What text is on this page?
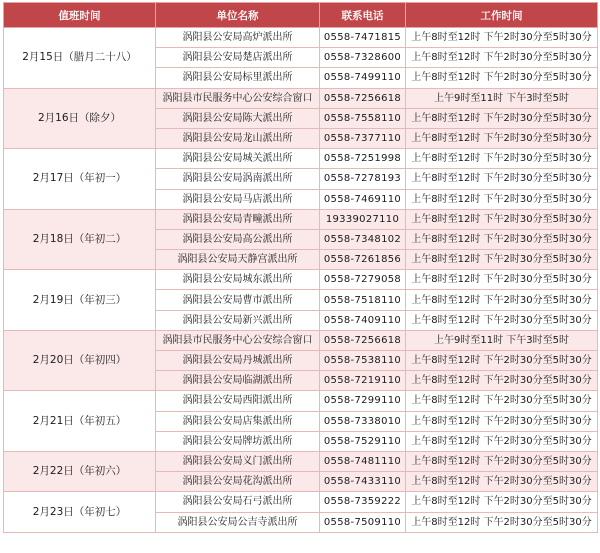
值班时间	单位名称	联系电话	工作时间
2月15日（腊月二十八）	涡阳县公安局高炉派出所	0558-7471815	上午8时至12时 下午2时30分至5时30分
	涡阳县公安局楚店派出所	0558-7328600	上午8时至12时 下午2时30分至5时30分
	涡阳县公安局标里派出所	0558-7499110	上午8时至12时 下午2时30分至5时30分
2月16日（除夕）	涡阳县市民服务中心公安综合窗口	0558-7256618	上午9时至11时 下午3时至5时
	涡阳县公安局陈大派出所	0558-7558110	上午8时至12时 下午2时30分至5时30分
	涡阳县公安局龙山派出所	0558-7377110	上午8时至12时 下午2时30分至5时30分
2月17日（年初一）	涡阳县公安局城关派出所	0558-7251998	上午8时至12时 下午2时30分至5时30分
	涡阳县公安局涡南派出所	0558-7278193	上午8时至12时 下午2时30分至5时30分
	涡阳县公安局马店派出所	0558-7469110	上午8时至12时 下午2时30分至5时30分
2月18日（年初二）	涡阳县公安局青疃派出所	19339027110	上午8时至12时 下午2时30分至5时30分
	涡阳县公安局高公派出所	0558-7348102	上午8时至12时 下午2时30分至5时30分
	涡阳县公安局天静宫派出所	0558-7261856	上午8时至12时 下午2时30分至5时30分
2月19日（年初三）	涡阳县公安局城东派出所	0558-7279058	上午8时至12时 下午2时30分至5时30分
	涡阳县公安局曹市派出所	0558-7518110	上午8时至12时 下午2时30分至5时30分
	涡阳县公安局新兴派出所	0558-7409110	上午8时至12时 下午2时30分至5时30分
2月20日（年初四）	涡阳县市民服务中心公安综合窗口	0558-7256618	上午9时至11时 下午3时至5时
	涡阳县公安局丹城派出所	0558-7538110	上午8时至12时 下午2时30分至5时30分
	涡阳县公安局临湖派出所	0558-7219110	上午8时至12时 下午2时30分至5时30分
2月21日（年初五）	涡阳县公安局西阳派出所	0558-7299110	上午8时至12时 下午2时30分至5时30分
	涡阳县公安局店集派出所	0558-7338010	上午8时至12时 下午2时30分至5时30分
	涡阳县公安局牌坊派出所	0558-7529110	上午8时至12时 下午2时30分至5时30分
2月22日（年初六）	涡阳县公安局义门派出所	0558-7481110	上午8时至12时 下午2时30分至5时30分
	涡阳县公安局花沟派出所	0558-7433110	上午8时至12时 下午2时30分至5时30分
2月23日（年初七）	涡阳县公安局石弓派出所	0558-7359222	上午8时至12时 下午2时30分至5时30分
	涡阳县公安局公吉寺派出所	0558-7509110	上午8时至12时 下午2时30分至5时30分
